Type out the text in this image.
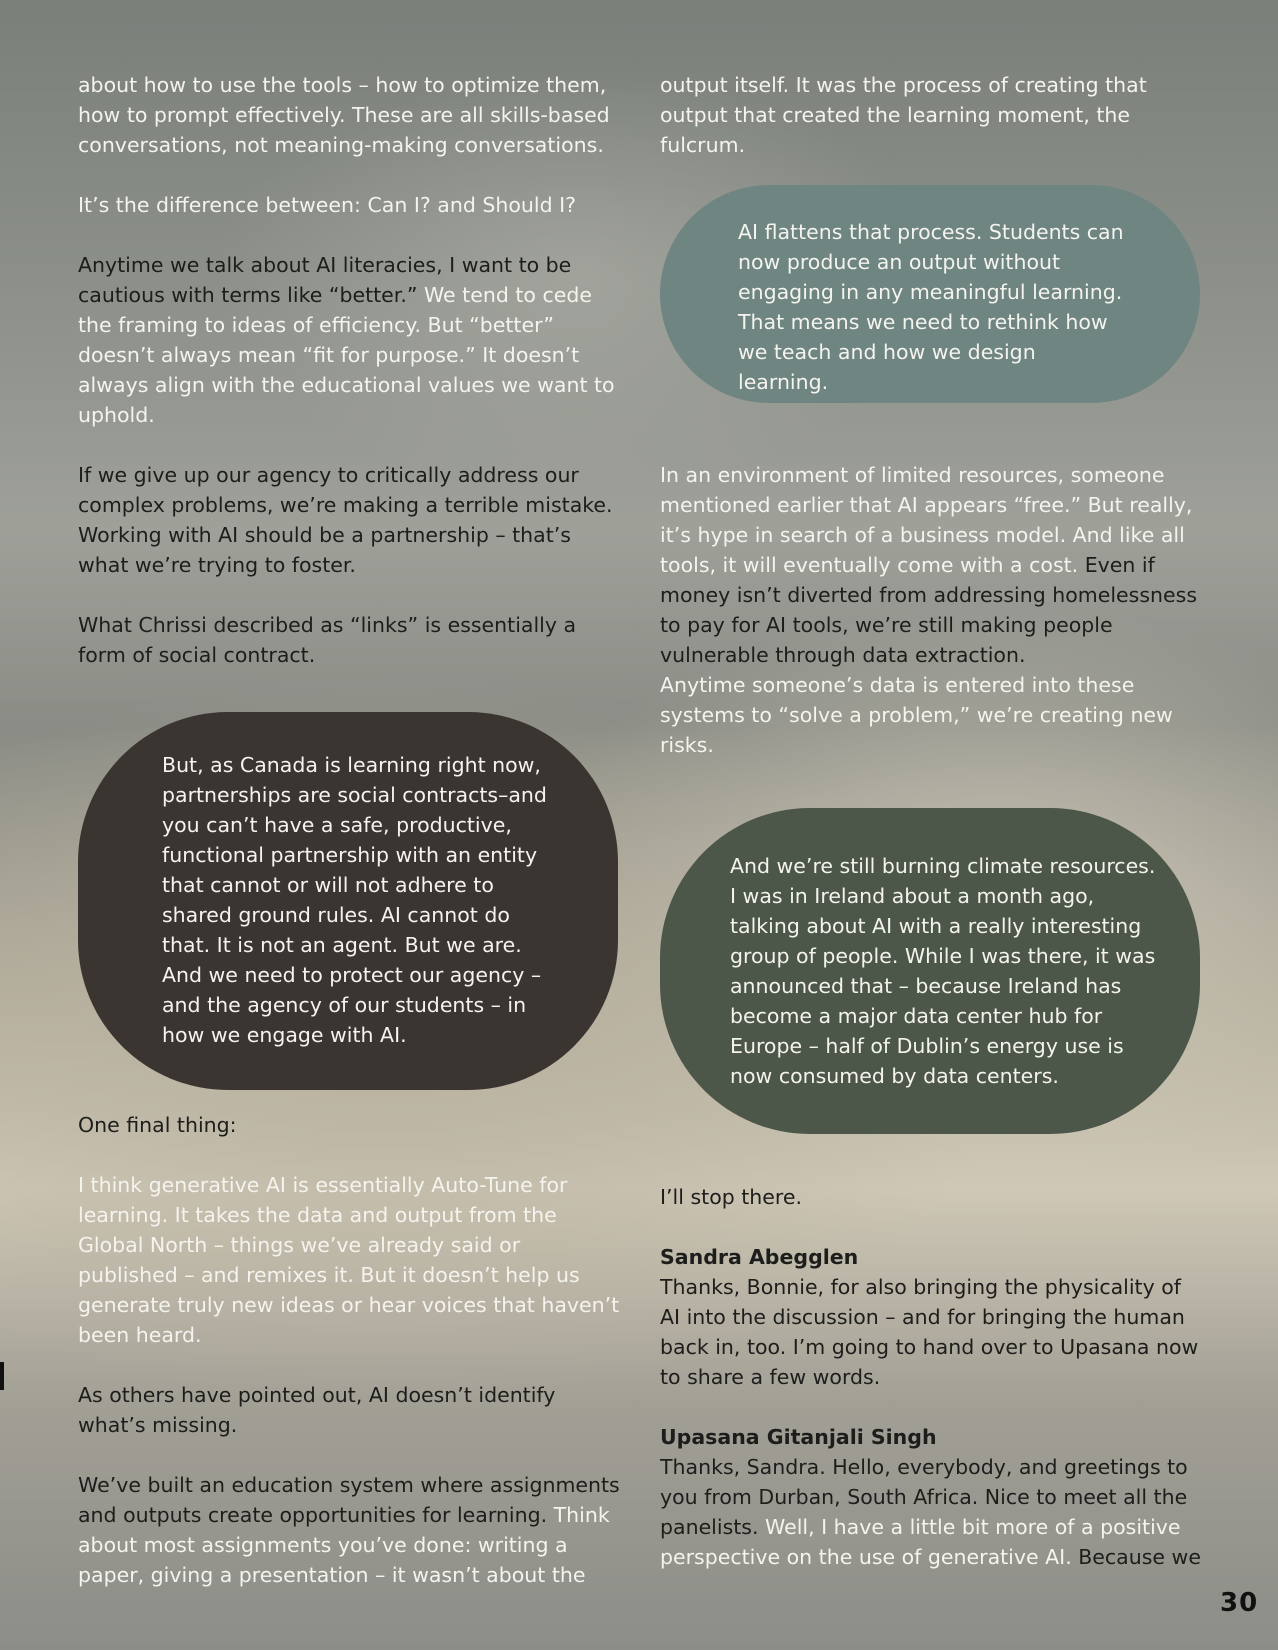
about how to use the tools – how to optimize them, how to prompt effectively. These are all skills-based conversations, not meaning-making conversations.

It’s the difference between: Can I? and Should I?

Anytime we talk about AI literacies, I want to be cautious with terms like “better.” We tend to cede the framing to ideas of efficiency. But “better” doesn’t always mean “fit for purpose.” It doesn’t always align with the educational values we want to uphold.

If we give up our agency to critically address our complex problems, we’re making a terrible mistake. Working with AI should be a partnership – that’s what we’re trying to foster.

What Chrissi described as “links” is essentially a form of social contract.

One final thing:

I think generative AI is essentially Auto-Tune for learning. It takes the data and output from the Global North – things we’ve already said or published – and remixes it. But it doesn’t help us generate truly new ideas or hear voices that haven’t been heard.

As others have pointed out, AI doesn’t identify what’s missing.

We’ve built an education system where assignments and outputs create opportunities for learning. Think about most assignments you’ve done: writing a paper, giving a presentation – it wasn’t about the

output itself. It was the process of creating that output that created the learning moment, the fulcrum.

In an environment of limited resources, someone mentioned earlier that AI appears “free.” But really, it’s hype in search of a business model. And like all tools, it will eventually come with a cost. Even if money isn’t diverted from addressing homelessness to pay for AI tools, we’re still making people vulnerable through data extraction.

Anytime someone’s data is entered into these systems to “solve a problem,” we’re creating new risks.

I’ll stop there.

Sandra Abegglen
Thanks, Bonnie, for also bringing the physicality of AI into the discussion – and for bringing the human back in, too. I’m going to hand over to Upasana now to share a few words.

Upasana Gitanjali Singh
Thanks, Sandra. Hello, everybody, and greetings to you from Durban, South Africa. Nice to meet all the panelists. Well, I have a little bit more of a positive perspective on the use of generative AI. Because we

AI flattens that process. Students can now produce an output without engaging in any meaningful learning. That means we need to rethink how we teach and how we design learning.
But, as Canada is learning right now, partnerships are social contracts–and you can’t have a safe, productive, functional partnership with an entity that cannot or will not adhere to shared ground rules. AI cannot do that. It is not an agent. But we are. And we need to protect our agency – and the agency of our students – in how we engage with AI.
And we’re still burning climate resources. I was in Ireland about a month ago, talking about AI with a really interesting group of people. While I was there, it was announced that – because Ireland has become a major data center hub for Europe – half of Dublin’s energy use is now consumed by data centers.
30
